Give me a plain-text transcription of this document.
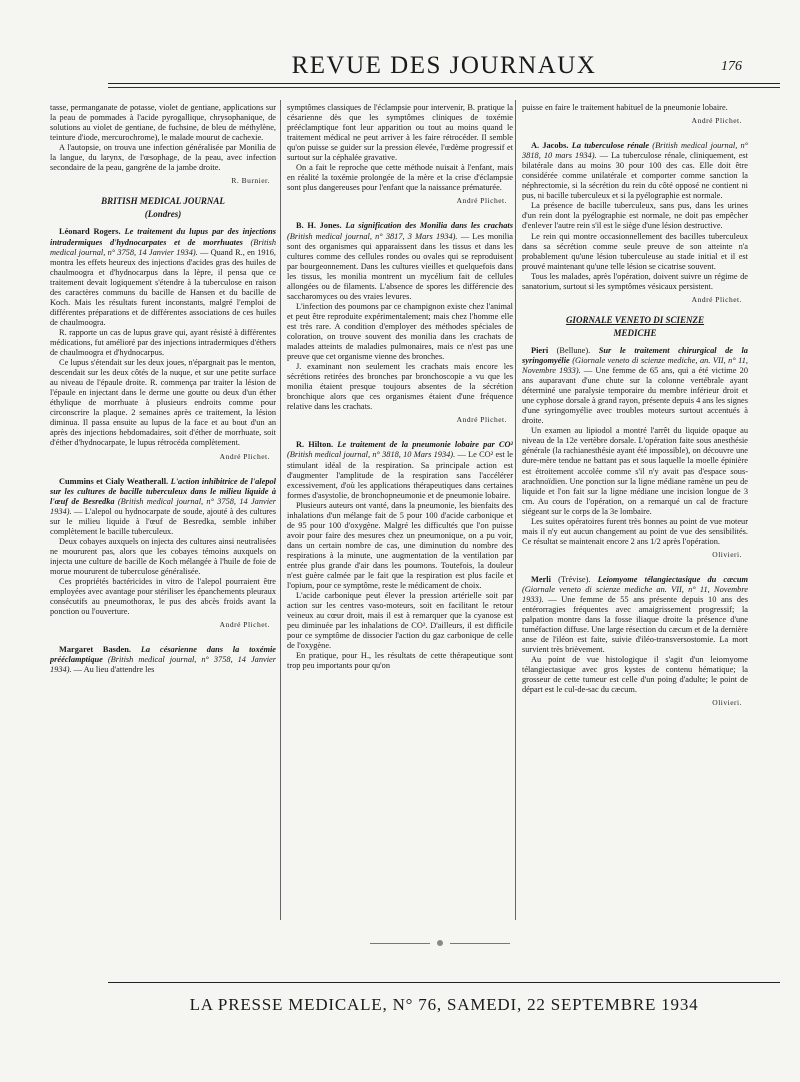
REVUE DES JOURNAUX	176

tasse, permanganate de potasse, violet de gentiane, applications sur la peau de pommades à l'acide pyrogallique, chrysophanique, de solutions au violet de gentiane, de fuchsine, de bleu de méthylène, teinture d'iode, mercurochrome), le malade mourut de cachexie.

A l'autopsie, on trouva une infection généralisée par Monilia de la langue, du larynx, de l'œsophage, de la peau, avec infection secondaire de la peau, gangrène de la jambe droite.

R. Burnier.
BRITISH MEDICAL JOURNAL
(Londres)

Léonard Rogers. Le traitement du lupus par des injections intradermiques d'hydnocarpates et de morrhuates (British medical journal, n° 3758, 14 Janvier 1934). — Quand R., en 1916, montra les effets heureux des injections d'acides gras des huiles de chaulmoogra et d'hydnocarpus dans la lèpre, il pensa que ce traitement devait logiquement s'étendre à la tuberculose en raison des caractères communs du bacille de Hansen et du bacille de Koch. Mais les résultats furent inconstants, malgré l'emploi de différentes préparations et de différentes associations de ces huiles de chaulmoogra.

R. rapporte un cas de lupus grave qui, ayant résisté à différentes médications, fut amélioré par des injections intradermiques d'éthers de chaulmoogra et d'hydnocarpus.

Ce lupus s'étendait sur les deux joues, n'épargnait pas le menton, descendait sur les deux côtés de la nuque, et sur une petite surface au niveau de l'épaule droite. R. commença par traiter la lésion de l'épaule en injectant dans le derme une goutte ou deux d'un éther éthylique de morrhuate à plusieurs endroits comme pour circonscrire la plaque. 2 semaines après ce traitement, la lésion diminua. Il passa ensuite au lupus de la face et au bout d'un an après des injections hebdomadaires, soit d'éther de morrhuate, soit d'éther d'hydnocarpate, le lupus rétrocéda complètement.

André Plichet.

Cummins et Cialy Weatherall. L'action inhibitrice de l'alepol sur les cultures de bacille tuberculeux dans le milieu liquide à l'œuf de Besredka (British medical journal, n° 3758, 14 Janvier 1934). — L'alepol ou hydnocarpate de soude, ajouté à des cultures sur le milieu liquide à l'œuf de Besredka, semble inhiber complètement le bacille tuberculeux.

Deux cobayes auxquels on injecta des cultures ainsi neutralisées ne moururent pas, alors que les cobayes témoins auxquels on injecta une culture de bacille de Koch mélangée à l'huile de foie de morue moururent de tuberculose généralisée.

Ces propriétés bactéricides in vitro de l'alepol pourraient être employées avec avantage pour stériliser les épanchements pleuraux consécutifs au pneumothorax, le pus des abcès froids avant la ponction ou l'ouverture.

André Plichet.

Margaret Basden. La césarienne dans la toxémie prééclamptique (British medical journal, n° 3758, 14 Janvier 1934). — Au lieu d'attendre les

symptômes classiques de l'éclampsie pour intervenir, B. pratique la césarienne dès que les symptômes cliniques de toxémie prééclamptique font leur apparition ou tout au moins quand le traitement médical ne peut arriver à les faire rétrocéder. Il semble qu'on puisse se guider sur la pression élevée, l'œdème progressif et surtout sur la céphalée gravative.

On a fait le reproche que cette méthode nuisait à l'enfant, mais en réalité la toxémie prolongée de la mère et la crise d'éclampsie sont plus dangereuses pour l'enfant que la naissance prématurée.

André Plichet.

B. H. Jones. La signification des Monilia dans les crachats (British medical journal, n° 3817, 3 Mars 1934). — Les monilia sont des organismes qui apparaissent dans les tissus et dans les cultures comme des cellules rondes ou ovales qui se reproduisent par bourgeonnement. Dans les cultures vieilles et quelquefois dans les tissus, les monilia montrent un mycélium fait de cellules allongées ou de filaments. L'absence de spores les différencie des saccharomyces ou des vraies levures.

L'infection des poumons par ce champignon existe chez l'animal et peut être reproduite expérimentalement; mais chez l'homme elle est très rare. A condition d'employer des méthodes spéciales de coloration, on trouve souvent des monilia dans les crachats de malades atteints de maladies pulmonaires, mais ce n'est pas une preuve que cet organisme vienne des bronches.

J. examinant non seulement les crachats mais encore les sécrétions retirées des bronches par bronchoscopie a vu que les monilia étaient presque toujours absentes de la sécrétion bronchique alors que ces organismes étaient d'une fréquence relative dans les crachats.

André Plichet.

R. Hilton. Le traitement de la pneumonie lobaire par CO² (British medical journal, n° 3818, 10 Mars 1934). — Le CO² est le stimulant idéal de la respiration. Sa principale action est d'augmenter l'amplitude de la respiration sans l'accélérer excessivement, d'où les applications thérapeutiques dans certaines formes d'asystolie, de bronchopneumonie et de pneumonie lobaire.

Plusieurs auteurs ont vanté, dans la pneumonie, les bienfaits des inhalations d'un mélange fait de 5 pour 100 d'acide carbonique et de 95 pour 100 d'oxygène. Malgré les difficultés que l'on puisse avoir pour faire des mesures chez un pneumonique, on a pu voir, dans un certain nombre de cas, une diminution du nombre des respirations à la minute, une augmentation de la ventilation par entrée plus grande d'air dans les poumons. Toutefois, la douleur n'est guère calmée par le fait que la respiration est plus facile et l'opium, pour ce symptôme, reste le médicament de choix.

L'acide carbonique peut élever la pression artérielle soit par action sur les centres vaso-moteurs, soit en facilitant le retour veineux au cœur droit, mais il est à remarquer que la cyanose est peu diminuée par les inhalations de CO². D'ailleurs, il est difficile pour ce symptôme de dissocier l'action du gaz carbonique de celle de l'oxygène.

En pratique, pour H., les résultats de cette thérapeutique sont trop peu importants pour qu'on

puisse en faire le traitement habituel de la pneumonie lobaire.

André Plichet.

A. Jacobs. La tuberculose rénale (British medical journal, n° 3818, 10 mars 1934). — La tuberculose rénale, cliniquement, est bilatérale dans au moins 30 pour 100 des cas. Elle doit être considérée comme unilatérale et comporter comme sanction la néphrectomie, si la sécrétion du rein du côté opposé ne contient ni pus, ni bacille tuberculeux et si la pyélographie est normale.

La présence de bacille tuberculeux, sans pus, dans les urines d'un rein dont la pyélographie est normale, ne doit pas empêcher d'enlever l'autre rein s'il est le siège d'une lésion destructive.

Le rein qui montre occasionnellement des bacilles tuberculeux dans sa sécrétion comme seule preuve de son atteinte n'a probablement qu'une lésion tuberculeuse au stade initial et il est prouvé maintenant qu'une telle lésion se cicatrise souvent.

Tous les malades, après l'opération, doivent suivre un régime de sanatorium, surtout si les symptômes vésicaux persistent.

André Plichet.
GIORNALE VENETO DI SCIENZE
MEDICHE

Pieri (Bellune). Sur le traitement chirurgical de la syringomyélie (Giornale veneto di scienze mediche, an. VII, n° 11, Novembre 1933). — Une femme de 65 ans, qui a été victime 20 ans auparavant d'une chute sur la colonne vertébrale ayant déterminé une paralysie temporaire du membre inférieur droit et une cyphose dorsale à grand rayon, présente depuis 4 ans les signes d'une syringomyélie avec troubles moteurs surtout accentués à droite.

Un examen au lipiodol a montré l'arrêt du liquide opaque au niveau de la 12e vertèbre dorsale. L'opération faite sous anesthésie générale (la rachianesthésie ayant été impossible), on découvre une dure-mère tendue ne battant pas et sous laquelle la moelle épinière est étroitement accolée comme s'il n'y avait pas d'espace sous-arachnoïdien. Une ponction sur la ligne médiane ramène un peu de liquide et l'on fait sur la ligne médiane une incision longue de 3 cm. Au cours de l'opération, on a remarqué un cal de fracture siégeant sur le corps de la 3e lombaire.

Les suites opératoires furent très bonnes au point de vue moteur mais il n'y eut aucun changement au point de vue des sensibilités. Ce résultat se maintenait encore 2 ans 1/2 après l'opération.

Olivieri.

Merli (Trévise). Leiomyome télangiectasique du cæcum (Giornale veneto di scienze mediche an. VII, n° 11, Novembre 1933). — Une femme de 55 ans présente depuis 10 ans des entérorragies fréquentes avec amaigrissement progressif; la palpation montre dans la fosse iliaque droite la présence d'une tuméfaction diffuse. Une large résection du cæcum et de la dernière anse de l'iléon est faite, suivie d'iléo-transversostomie. La mort survient très brièvement.

Au point de vue histologique il s'agit d'un leiomyome télangiectasique avec gros kystes de contenu hématique; la grosseur de cette tumeur est celle d'un poing d'adulte; le point de départ est le cul-de-sac du cæcum.

Olivieri.
LA PRESSE MEDICALE, N° 76, SAMEDI, 22 SEPTEMBRE 1934
